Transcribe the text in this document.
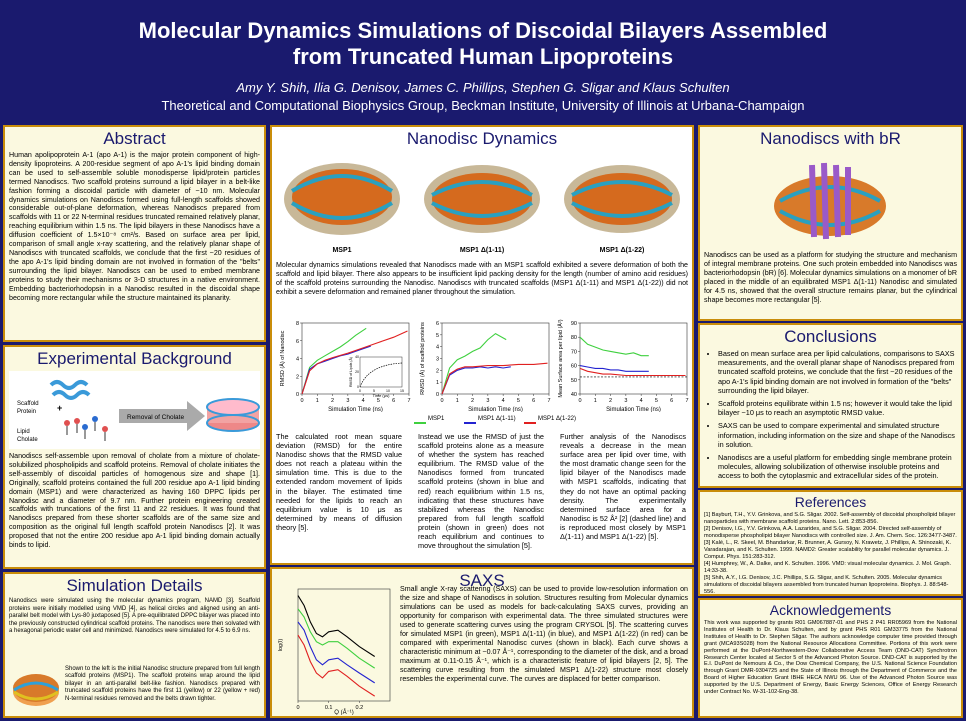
Molecular Dynamics Simulations of Discoidal Bilayers Assembled
from Truncated Human Lipoproteins
Amy Y. Shih, Ilia G. Denisov, James C. Phillips, Stephen G. Sligar and Klaus Schulten
Theoretical and Computational Biophysics Group, Beckman Institute, University of Illinois at Urbana-Champaign
Abstract
Human apolipoprotein A-1 (apo A-1) is the major protein component of high-density lipoproteins. A 200-residue segment of apo A-1's lipid binding domain can be used to self-assemble soluble monodisperse lipid/protein particles termed Nanodiscs. Two scaffold proteins surround a lipid bilayer in a belt-like fashion forming a discoidal particle with diameter of ~10 nm. Molecular dynamics simulations on Nanodiscs formed using full-length scaffolds showed considerable out-of-plane deformation, whereas Nanodiscs prepared from scaffolds with 11 or 22 N-terminal residues truncated remained relatively planar, reaching equilibrium within 1.5 ns. The lipid bilayers in these Nanodiscs have a diffusion coefficient of 1.5×10⁻⁸ cm²/s. Based on surface area per lipid, comparison of small angle x-ray scattering, and the relatively planar shape of Nanodiscs with truncated scaffolds, we conclude that the first ~20 residues of the apo A-1's lipid binding domain are not involved in formation of the "belts" surrounding the lipid bilayer. Nanodiscs can be used to embed membrane proteins to study their mechanisms or 3-D structures in a native environment. Embedding bacteriorhodopsin in a Nanodisc resulted in the discoidal shape becoming more rectangular while the structure maintained its planarity.
Experimental Background
+
Scaffold
Protein
Lipid
Cholate
Removal of Cholate
Nanodiscs self-assemble upon removal of cholate from a mixture of cholate-solubilized phospholipids and scaffold proteins. Removal of cholate initiates the self-assembly of discoidal particles of homogenous size and shape [1]. Originally, scaffold proteins contained the full 200 residue apo A-1 lipid binding domain (MSP1) and were characterized as having 160 DPPC lipids per Nanodisc and a diameter of 9.7 nm. Further protein engineering created scaffolds with truncations of the first 11 and 22 residues. It was found that Nanodiscs prepared from these shorter scaffolds are of the same size and composition as the original full length scaffold protein Nanodiscs [2]. It was proposed that not the entire 200 residue apo A-1 lipid binding domain actually binds to lipid.
Simulation Details
Nanodiscs were simulated using the molecular dynamics program, NAMD [3]. Scaffold proteins were initially modelled using VMD [4], as helical circles and aligned using an anti-parallel belt model with Lys-80 juxtaposed [5]. A pre-equilibrated DPPC bilayer was placed into the previously constructed cylindrical scaffold proteins. The nanodiscs were then solvated with a hexagonal periodic water cell and minimized. Nanodiscs were simulated for 4.5 to 6.9 ns.
Shown to the left is the initial Nanodisc structure prepared from full length scaffold proteins (MSP1). The scaffold proteins wrap around the lipid bilayer in an anti-parallel belt-like fashion. Nanodiscs prepared with truncated scaffold proteins have the first 11 (yellow) or 22 (yellow + red) N-terminal residues removed and the belts drawn tighter.
Nanodisc Dynamics
MSP1	MSP1 Δ(1-11)	MSP1 Δ(1-22)
Molecular dynamics simulations revealed that Nanodiscs made with an MSP1 scaffold exhibited a severe deformation of both the scaffold and lipid bilayer. There also appears to be insufficient lipid packing density for the length (number of amino acid residues) of the scaffold proteins surrounding the Nanodisc. Nanodiscs with truncated scaffolds (MSP1 Δ(1-11) and MSP1 Δ(1-22)) did not exhibit a severe deformation and remained planer throughout the simulation.
0 1 2 3 4 5 6 7
0
2
4
6
8
Simulation Time (ns)
RMSD (Å) of Nanodisc
0	5	10	15
0
20
40
Time (μs)
RMSD of Lipids (Å)
0 1 2 3 4 5 6 7
0
1
2
3
4
5
6
Simulation Time (ns)
RMSD (Å) of scaffold proteins
0 1 2 3 4 5 6 7
40
50
60
70
80
90
Simulation Time (ns)
Mean Surface area per lipid (Å²)
MSP1	MSP1 Δ(1-11)	MSP1 Δ(1-22)
The calculated root mean square deviation (RMSD) for the entire Nanodisc shows that the RMSD value does not reach a plateau within the simulation time. This is due to the extended random movement of lipids in the bilayer. The estimated time needed for the lipids to reach an equilibrium value is 10 μs as determined by means of diffusion theory [5].
Instead we use the RMSD of just the scaffold proteins alone as a measure of whether the system has reached equilibrium. The RMSD value of the Nanodiscs formed from truncated scaffold proteins (shown in blue and red) reach equilibrium within 1.5 ns, indicating that these structures have stabilized whereas the Nanodisc prepared from full length scaffold protein (shown in green) does not reach equilibrium and continues to move throughout the simulation [5].
Further analysis of the Nanodiscs reveals a decrease in the mean surface area per lipid over time, with the most dramatic change seen for the lipid bilayer of the Nanodiscs made with MSP1 scaffolds, indicating that they do not have an optimal packing density. The experimentally determined surface area for a Nanodisc is 52 Å² [2] (dashed line) and is reproduced most closely by MSP1 Δ(1-11) and MSP1 Δ(1-22) [5].
SAXS
0	0.1	0.2
Q (Å⁻¹)
log(I)
Small angle X-ray scattering (SAXS) can be used to provide low-resolution information on the size and shape of Nanodiscs in solution. Structures resulting from Molecular dynamics simulations can be used as models for back-calculating SAXS curves, providing an opportunity for comparison with experimental data. The three simulated structures were used to generate scattering curves using the program CRYSOL [5]. The scattering curves for simulated MSP1 (in green), MSP1 Δ(1-11) (in blue), and MSP1 Δ(1-22) (in red) can be compared with experimental Nanodisc curves (shown in black). Each curve shows a characteristic minimum at ~0.07 Å⁻¹, corresponding to the diameter of the disk, and a broad maximum at 0.11-0.15 Å⁻¹, which is a characteristic feature of lipid bilayers [2, 5]. The scattering curve resulting from the simulated MSP1 Δ(1-22) structure most closely resembles the experimental curve. The curves are displaced for better comparison.
Nanodiscs with bR
Nanodiscs can be used as a platform for studying the structure and mechanism of integral membrane proteins. One such protein embedded into Nanodiscs was bacteriorhodopsin (bR) [6]. Molecular dynamics simulations on a monomer of bR placed in the middle of an equilibrated MSP1 Δ(1-11) Nanodisc and simulated for 4.5 ns, showed that the overall structure remains planar, but the cylindrical shape becomes more rectangular [5].
Conclusions
• Based on mean surface area per lipid calculations, comparisons to SAXS measurements, and the overall planar shape of Nanodiscs prepared from truncated scaffold proteins, we conclude that the first ~20 residues of the apo A-1's lipid binding domain are not involved in formation of the "belts" surrounding the lipid bilayer.
• Scaffold proteins equilibrate within 1.5 ns; however it would take the lipid bilayer ~10 μs to reach an asymptotic RMSD value.
• SAXS can be used to compare experimental and simulated structure information, including information on the size and shape of the Nanodiscs in solution.
• Nanodiscs are a useful platform for embedding single membrane protein molecules, allowing solubilization of otherwise insoluble proteins and access to both the cytoplasmic and extracellular sides of the protein.
References
[1] Bayburt, T.H., Y.V. Grinkova, and S.G. Sligar. 2002. Self-assembly of discoidal phospholipid bilayer nanoparticles with membrane scaffold proteins. Nano. Lett. 2:853-856.
[2] Denisov, I.G., Y.V. Grinkova, A.A. Lazarides, and S.G. Sligar. 2004. Directed self-assembly of monodisperse phospholipid bilayer Nanodiscs with controlled size. J. Am. Chem. Soc. 126:3477-3487.
[3] Kalé, L., R. Skeel, M. Bhandarkar, R. Brunner, A. Gursoy, N. Krawetz, J. Phillips, A. Shinozaki, K. Varadarajan, and K. Schulten. 1999. NAMD2: Greater scalability for parallel molecular dynamics. J. Comput. Phys. 151:283-312.
[4] Humphrey, W., A. Dalke, and K. Schulten. 1996. VMD: visual molecular dynamics. J. Mol. Graph. 14:33-38.
[5] Shih, A.Y., I.G. Denisov, J.C. Phillips, S.G. Sligar, and K. Schulten. 2005. Molecular dynamics simulations of discoidal bilayers assembled from truncated human lipoproteins. Biophys. J. 88:548-556.
Acknowledgements
This work was supported by grants R01 GM067887-01 and PHS 2 P41 RR05969 from the National Institutes of Health to Dr. Klaus Schulten, and by grant PHS R01 GM33775 from the National Institutes of Health to Dr. Stephen Sligar. The authors acknowledge computer time provided through grant (MCA93S028) from the National Resource Allocations Committee. Portions of this work were performed at the DuPont-Northwestern-Dow Collaborative Access Team (DND-CAT) Synchrotron Research Center located at Sector 5 of the Advanced Photon Source. DND-CAT is supported by the E.I. DuPont de Nemours & Co., the Dow Chemical Company, the U.S. National Science Foundation through Grant DMR-9304725 and the State of Illinois through the Department of Commerce and the Board of Higher Education Grant IBHE HECA NWU 96. Use of the Advanced Photon Source was supported by the U.S. Department of Energy, Basic Energy Sciences, Office of Energy Research under Contract No. W-31-102-Eng-38.
